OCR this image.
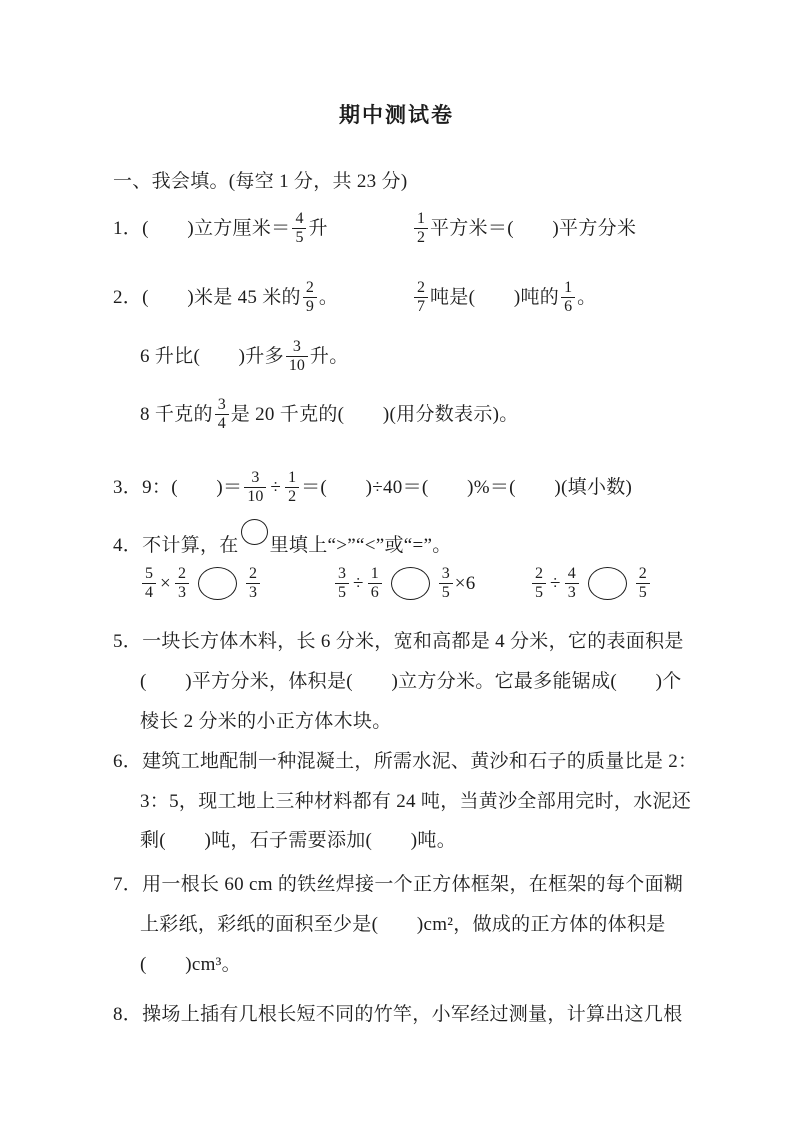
期中测试卷
一、我会填。(每空 1 分，共 23 分)
1．(　　)立方厘米＝ $\frac{4}{5}$ 升	$\frac{1}{2}$ 平方米＝(　　)平方分米
2．(　　)米是 45 米的 $\frac{2}{9}$ 。	$\frac{2}{7}$ 吨是(　　)吨的 $\frac{1}{6}$ 。
6 升比(　　)升多 $\frac{3}{10}$ 升。
8 千克的 $\frac{3}{4}$ 是 20 千克的(　　)(用分数表示)。
3．9：(　　)＝ $\frac{3}{10} \div \frac{1}{2}$ ＝(　　)÷40＝(　　)%＝(　　)(填小数)
4．不计算，在 里填上“>”“<”或“=”。
$\frac{5}{4} \times \frac{2}{3}$	$\frac{2}{3}$	$\frac{3}{5} \div \frac{1}{6}$	$\frac{3}{5} \times 6$	$\frac{2}{5} \div \frac{4}{3}$	$\frac{2}{5}$
5．一块长方体木料，长 6 分米，宽和高都是 4 分米，它的表面积是
(　　)平方分米，体积是(　　)立方分米。它最多能锯成(　　)个
棱长 2 分米的小正方体木块。
6．建筑工地配制一种混凝土，所需水泥、黄沙和石子的质量比是 2：
3：5，现工地上三种材料都有 24 吨，当黄沙全部用完时，水泥还
剩(　　)吨，石子需要添加(　　)吨。
7．用一根长 60 cm 的铁丝焊接一个正方体框架，在框架的每个面糊
上彩纸，彩纸的面积至少是(　　)cm²，做成的正方体的体积是
(　　)cm³。
8．操场上插有几根长短不同的竹竿，小军经过测量，计算出这几根
